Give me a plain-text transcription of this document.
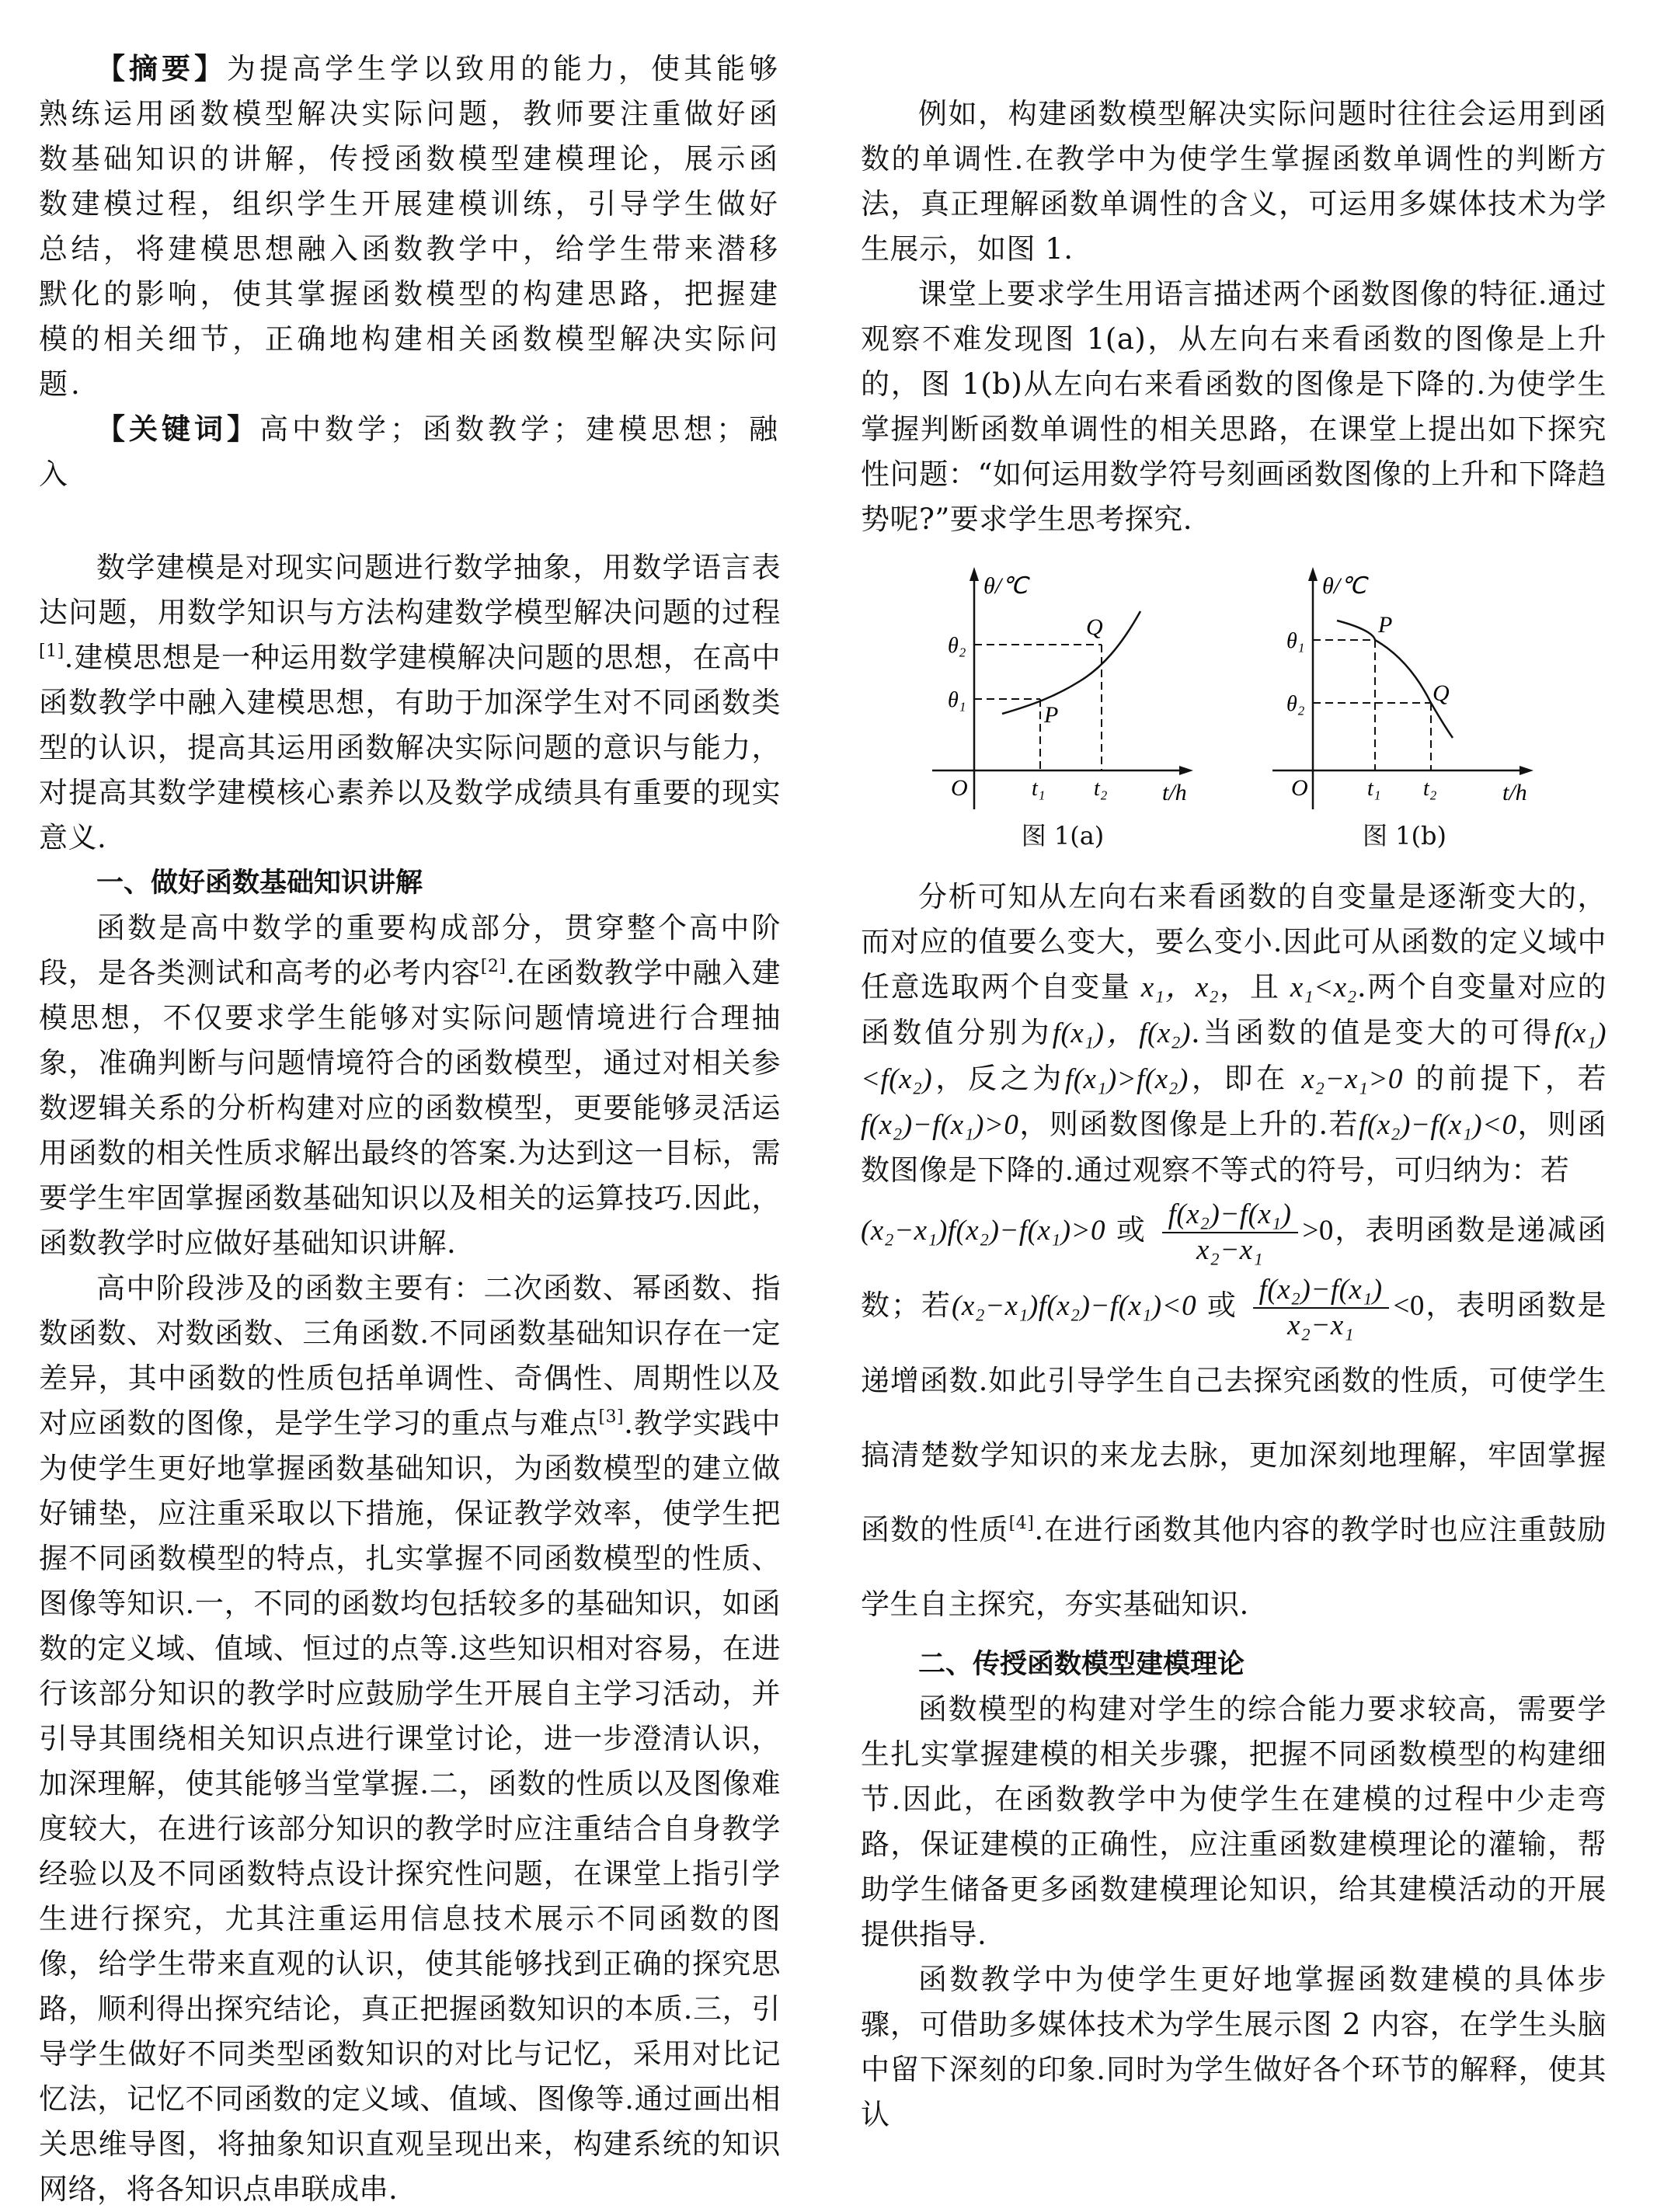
【摘要】为提高学生学以致用的能力，使其能够熟练运用函数模型解决实际问题，教师要注重做好函数基础知识的讲解，传授函数模型建模理论，展示函数建模过程，组织学生开展建模训练，引导学生做好总结，将建模思想融入函数教学中，给学生带来潜移默化的影响，使其掌握函数模型的构建思路，把握建模的相关细节，正确地构建相关函数模型解决实际问题.

【关键词】高中数学；函数教学；建模思想；融入

数学建模是对现实问题进行数学抽象，用数学语言表达问题，用数学知识与方法构建数学模型解决问题的过程[1].建模思想是一种运用数学建模解决问题的思想，在高中函数教学中融入建模思想，有助于加深学生对不同函数类型的认识，提高其运用函数解决实际问题的意识与能力，对提高其数学建模核心素养以及数学成绩具有重要的现实意义.

一、做好函数基础知识讲解

函数是高中数学的重要构成部分，贯穿整个高中阶段，是各类测试和高考的必考内容[2].在函数教学中融入建模思想，不仅要求学生能够对实际问题情境进行合理抽象，准确判断与问题情境符合的函数模型，通过对相关参数逻辑关系的分析构建对应的函数模型，更要能够灵活运用函数的相关性质求解出最终的答案.为达到这一目标，需要学生牢固掌握函数基础知识以及相关的运算技巧.因此，函数教学时应做好基础知识讲解.

高中阶段涉及的函数主要有：二次函数、幂函数、指数函数、对数函数、三角函数.不同函数基础知识存在一定差异，其中函数的性质包括单调性、奇偶性、周期性以及对应函数的图像，是学生学习的重点与难点[3].教学实践中为使学生更好地掌握函数基础知识，为函数模型的建立做好铺垫，应注重采取以下措施，保证教学效率，使学生把握不同函数模型的特点，扎实掌握不同函数模型的性质、图像等知识.一，不同的函数均包括较多的基础知识，如函数的定义域、值域、恒过的点等.这些知识相对容易，在进行该部分知识的教学时应鼓励学生开展自主学习活动，并引导其围绕相关知识点进行课堂讨论，进一步澄清认识，加深理解，使其能够当堂掌握.二，函数的性质以及图像难度较大，在进行该部分知识的教学时应注重结合自身教学经验以及不同函数特点设计探究性问题，在课堂上指引学生进行探究，尤其注重运用信息技术展示不同函数的图像，给学生带来直观的认识，使其能够找到正确的探究思路，顺利得出探究结论，真正把握函数知识的本质.三，引导学生做好不同类型函数知识的对比与记忆，采用对比记忆法，记忆不同函数的定义域、值域、图像等.通过画出相关思维导图，将抽象知识直观呈现出来，构建系统的知识网络，将各知识点串联成串.

例如，构建函数模型解决实际问题时往往会运用到函数的单调性.在教学中为使学生掌握函数单调性的判断方法，真正理解函数单调性的含义，可运用多媒体技术为学生展示，如图 1.

课堂上要求学生用语言描述两个函数图像的特征.通过观察不难发现图 1(a)，从左向右来看函数的图像是上升的，图 1(b)从左向右来看函数的图像是下降的.为使学生掌握判断函数单调性的相关思路，在课堂上提出如下探究性问题：“如何运用数学符号刻画函数图像的上升和下降趋势呢?”要求学生思考探究.

θ/℃
t/h
O	t₁ t₂
θ₁
θ₂
P
Q
图 1(a)
θ/℃
t/h
O	t₁ t₂
θ₁
θ₂
P
Q
图 1(b)

分析可知从左向右来看函数的自变量是逐渐变大的，而对应的值要么变大，要么变小.因此可从函数的定义域中任意选取两个自变量 x₁，x₂，且 x₁<x₂.两个自变量对应的函数值分别为f(x₁)，f(x₂).当函数的值是变大的可得f(x₁)<f(x₂)，反之为f(x₁)>f(x₂)，即在 x₂−x₁>0 的前提下，若f(x₂)−f(x₁)>0，则函数图像是上升的.若f(x₂)−f(x₁)<0，则函数图像是下降的.通过观察不等式的符号，可归纳为：若

(x₂−x₁)f(x₂)−f(x₁)>0 或 $\frac{\text{f(x₂)−f(x₁)}}{\text{x₂−x₁}} >0$，表明函数是递减函数；若(x₂−x₁)f(x₂)−f(x₁)<0 或 $\frac{\text{f(x₂)−f(x₁)}}{\text{x₂−x₁}} <0$，表明函数是递增函数.如此引导学生自己去探究函数的性质，可使学生搞清楚数学知识的来龙去脉，更加深刻地理解，牢固掌握函数的性质[4].在进行函数其他内容的教学时也应注重鼓励学生自主探究，夯实基础知识.

二、传授函数模型建模理论

函数模型的构建对学生的综合能力要求较高，需要学生扎实掌握建模的相关步骤，把握不同函数模型的构建细节.因此，在函数教学中为使学生在建模的过程中少走弯路，保证建模的正确性，应注重函数建模理论的灌输，帮助学生储备更多函数建模理论知识，给其建模活动的开展提供指导.

函数教学中为使学生更好地掌握函数建模的具体步骤，可借助多媒体技术为学生展示图 2 内容，在学生头脑中留下深刻的印象.同时为学生做好各个环节的解释，使其认
